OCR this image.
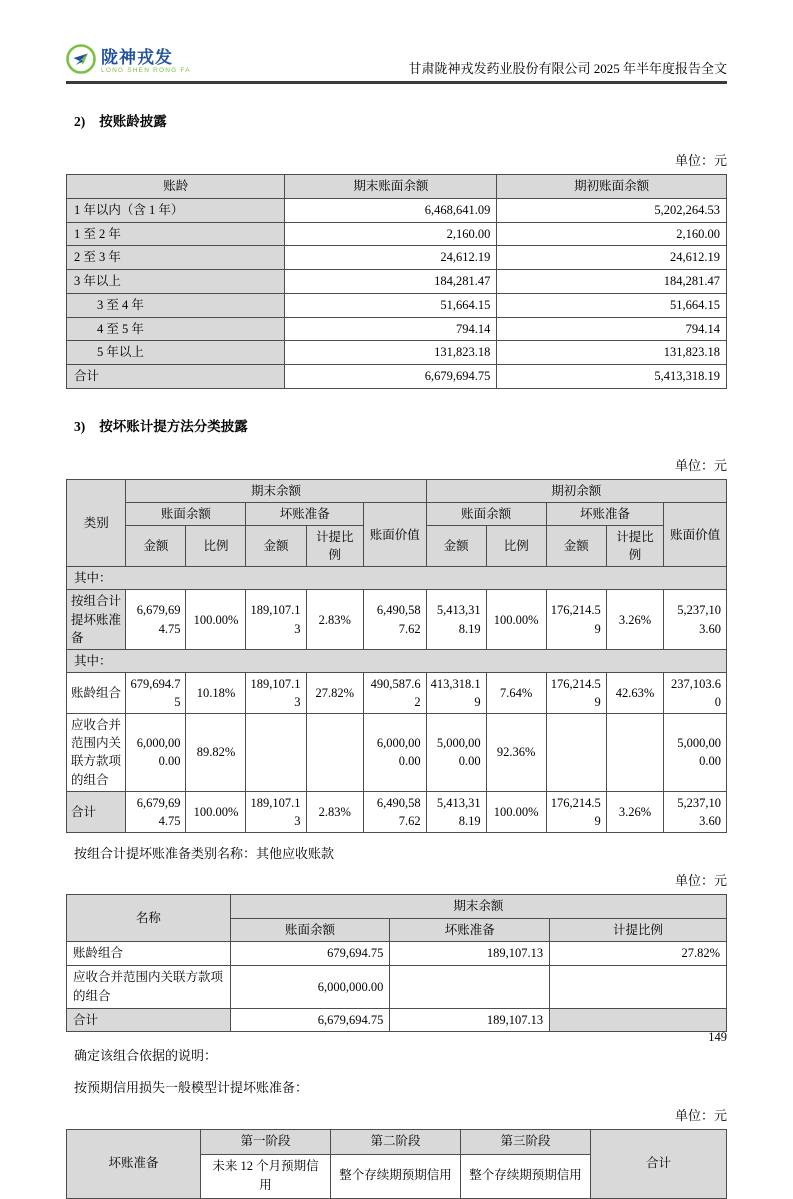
陇神戎发
LONG SHEN RONG FA	甘肃陇神戎发药业股份有限公司 2025 年半年度报告全文
2) 按账龄披露
单位：元
账龄	期末账面余额	期初账面余额
1 年以内（含 1 年）	6,468,641.09	5,202,264.53
1 至 2 年	2,160.00	2,160.00
2 至 3 年	24,612.19	24,612.19
3 年以上	184,281.47	184,281.47
3 至 4 年	51,664.15	51,664.15
4 至 5 年	794.14	794.14
5 年以上	131,823.18	131,823.18
合计	6,679,694.75	5,413,318.19
3) 按坏账计提方法分类披露
单位：元
类别	期末余额					期初余额				
	账面余额		坏账准备		账面价值	账面余额		坏账准备		账面价值
	金额	比例	金额	计提比例		金额	比例	金额	计提比例	
其中：										
按组合计提坏账准备	6,679,694.75	100.00%	189,107.13	2.83%	6,490,587.62	5,413,318.19	100.00%	176,214.59	3.26%	5,237,103.60
其中：										
账龄组合	679,694.75	10.18%	189,107.13	27.82%	490,587.62	413,318.19	7.64%	176,214.59	42.63%	237,103.60
应收合并范围内关联方款项的组合	6,000,000.00	89.82%			6,000,000.00	5,000,000.00	92.36%			5,000,000.00
合计	6,679,694.75	100.00%	189,107.13	2.83%	6,490,587.62	5,413,318.19	100.00%	176,214.59	3.26%	5,237,103.60
按组合计提坏账准备类别名称：其他应收账款
单位：元
名称	期末余额		
	账面余额	坏账准备	计提比例
账龄组合	679,694.75	189,107.13	27.82%
应收合并范围内关联方款项的组合	6,000,000.00		
合计	6,679,694.75	189,107.13	
确定该组合依据的说明：
按预期信用损失一般模型计提坏账准备：
单位：元
坏账准备	第一阶段	第二阶段	第三阶段	合计
	未来 12 个月预期信用	整个存续期预期信用	整个存续期预期信用	
149
